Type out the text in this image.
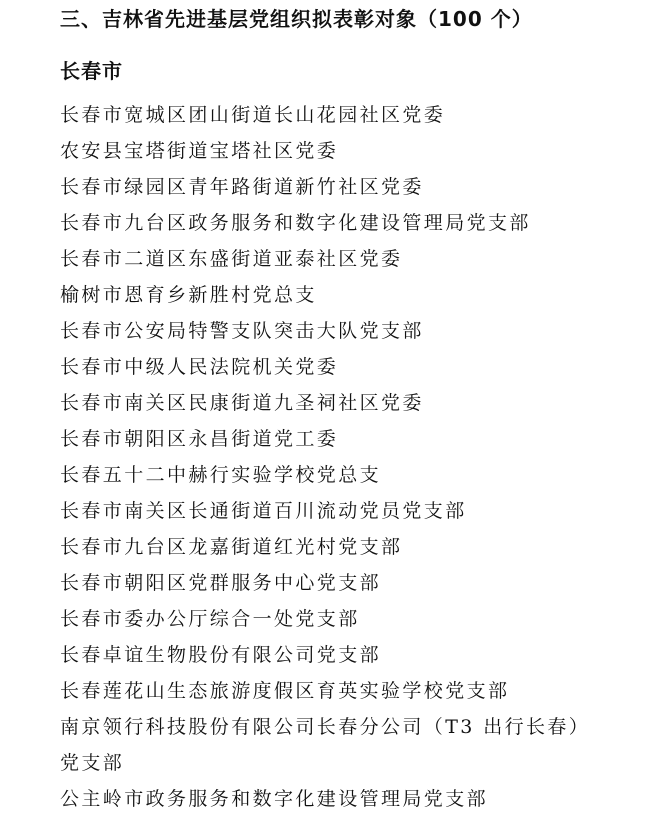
三、吉林省先进基层党组织拟表彰对象（100 个）
长春市
长春市宽城区团山街道长山花园社区党委
农安县宝塔街道宝塔社区党委
长春市绿园区青年路街道新竹社区党委
长春市九台区政务服务和数字化建设管理局党支部
长春市二道区东盛街道亚泰社区党委
榆树市恩育乡新胜村党总支
长春市公安局特警支队突击大队党支部
长春市中级人民法院机关党委
长春市南关区民康街道九圣祠社区党委
长春市朝阳区永昌街道党工委
长春五十二中赫行实验学校党总支
长春市南关区长通街道百川流动党员党支部
长春市九台区龙嘉街道红光村党支部
长春市朝阳区党群服务中心党支部
长春市委办公厅综合一处党支部
长春卓谊生物股份有限公司党支部
长春莲花山生态旅游度假区育英实验学校党支部
南京领行科技股份有限公司长春分公司（T3 出行长春）
党支部
公主岭市政务服务和数字化建设管理局党支部
